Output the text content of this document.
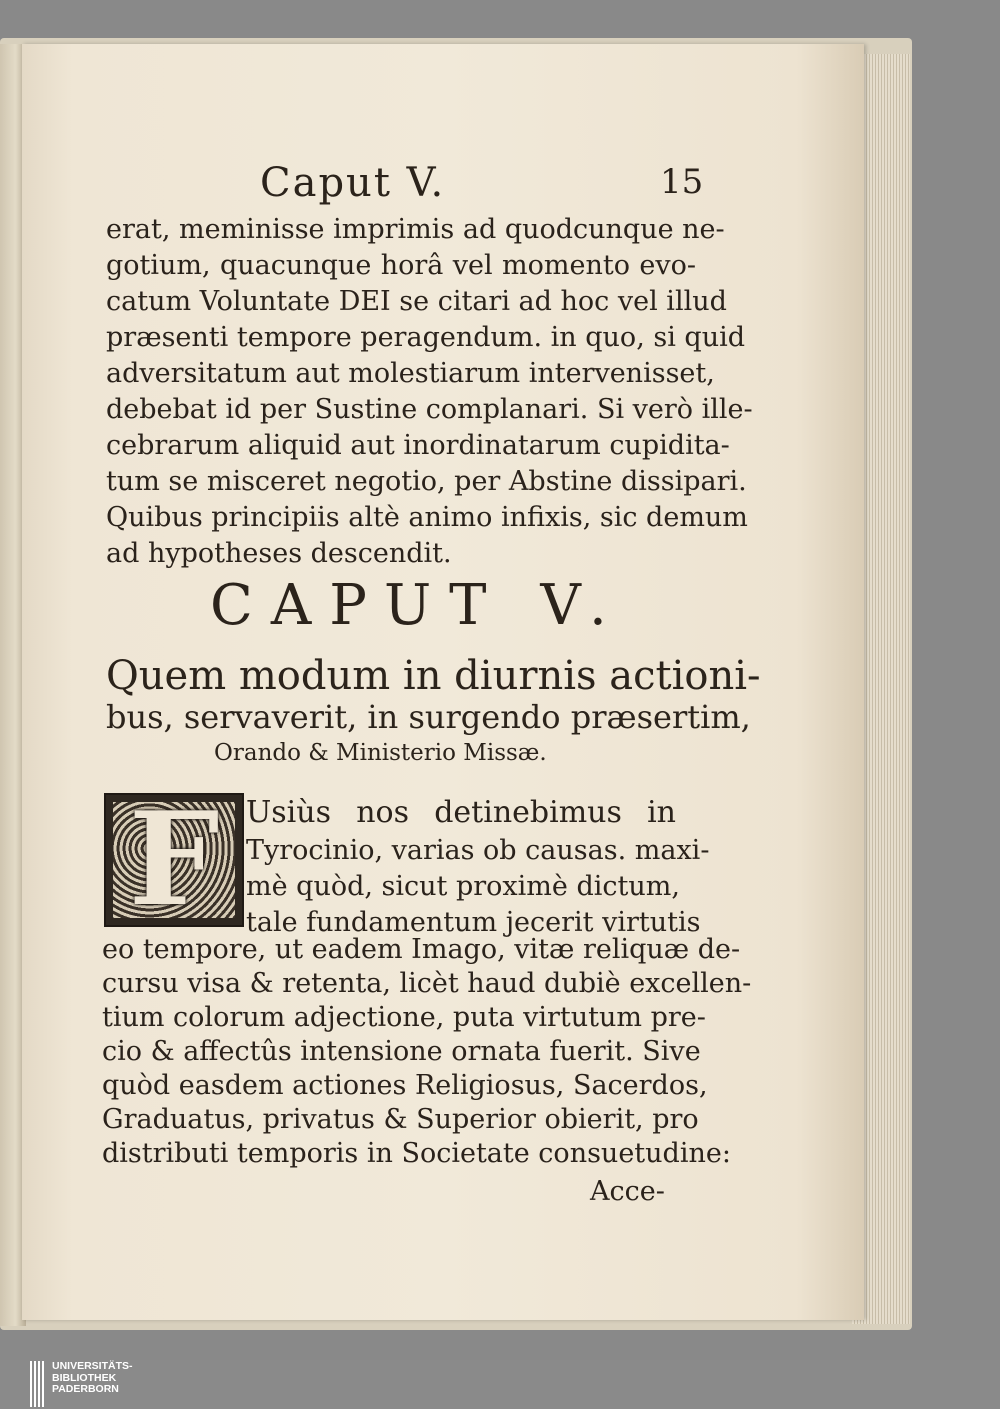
Caput V.	15
erat, meminisse imprimis ad quodcunque ne-
gotium, quacunque horâ vel momento evo-
catum Voluntate DEI se citari ad hoc vel illud
præsenti tempore peragendum. in quo, si quid
adversitatum aut molestiarum intervenisset,
debebat id per Sustine complanari. Si verò ille-
cebrarum aliquid aut inordinatarum cupidita-
tum se misceret negotio, per Abstine dissipari.
Quibus principiis altè animo infixis, sic demum
ad hypotheses descendit.
CAPUT V.
Quem modum in diurnis actioni-
bus, servaverit, in surgendo præsertim,
Orando & Ministerio Missæ.
F Usiùs nos detinebimus in
Tyrocinio, varias ob causas. maxi-
mè quòd, sicut proximè dictum,
tale fundamentum jecerit virtutis
eo tempore, ut eadem Imago, vitæ reliquæ de-
cursu visa & retenta, licèt haud dubiè excellen-
tium colorum adjectione, puta virtutum pre-
cio & affectûs intensione ornata fuerit. Sive
quòd easdem actiones Religiosus, Sacerdos,
Graduatus, privatus & Superior obierit, pro
distributi temporis in Societate consuetudine:
Acce-
UNIVERSITÄTS-
BIBLIOTHEK
PADERBORN
